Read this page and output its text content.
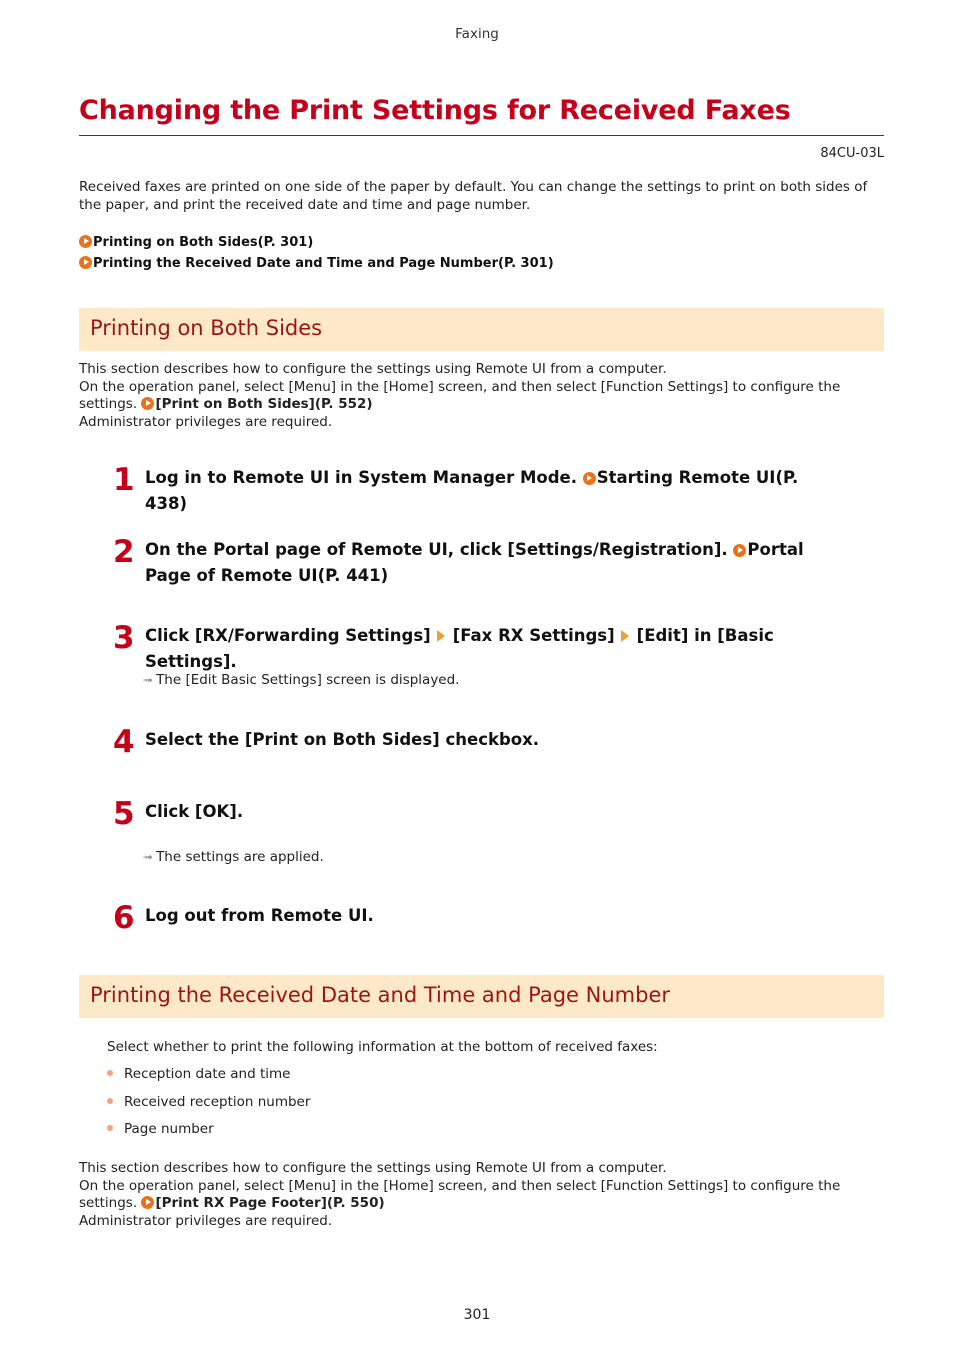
Faxing
Changing the Print Settings for Received Faxes
84CU-03L
Received faxes are printed on one side of the paper by default. You can change the settings to print on both sides of the paper, and print the received date and time and page number.
Printing on Both Sides(P. 301)
Printing the Received Date and Time and Page Number(P. 301)
Printing on Both Sides
This section describes how to configure the settings using Remote UI from a computer.
On the operation panel, select [Menu] in the [Home] screen, and then select [Function Settings] to configure the settings. [Print on Both Sides](P. 552)
Administrator privileges are required.
1 Log in to Remote UI in System Manager Mode. Starting Remote UI(P. 438)
2 On the Portal page of Remote UI, click [Settings/Registration]. Portal Page of Remote UI(P. 441)
3 Click [RX/Forwarding Settings] [Fax RX Settings] [Edit] in [Basic Settings].
➟ The [Edit Basic Settings] screen is displayed.
4 Select the [Print on Both Sides] checkbox.
5 Click [OK].
➟ The settings are applied.
6 Log out from Remote UI.
Printing the Received Date and Time and Page Number
Select whether to print the following information at the bottom of received faxes:
Reception date and time
Received reception number
Page number
This section describes how to configure the settings using Remote UI from a computer.
On the operation panel, select [Menu] in the [Home] screen, and then select [Function Settings] to configure the settings. [Print RX Page Footer](P. 550)
Administrator privileges are required.
301
